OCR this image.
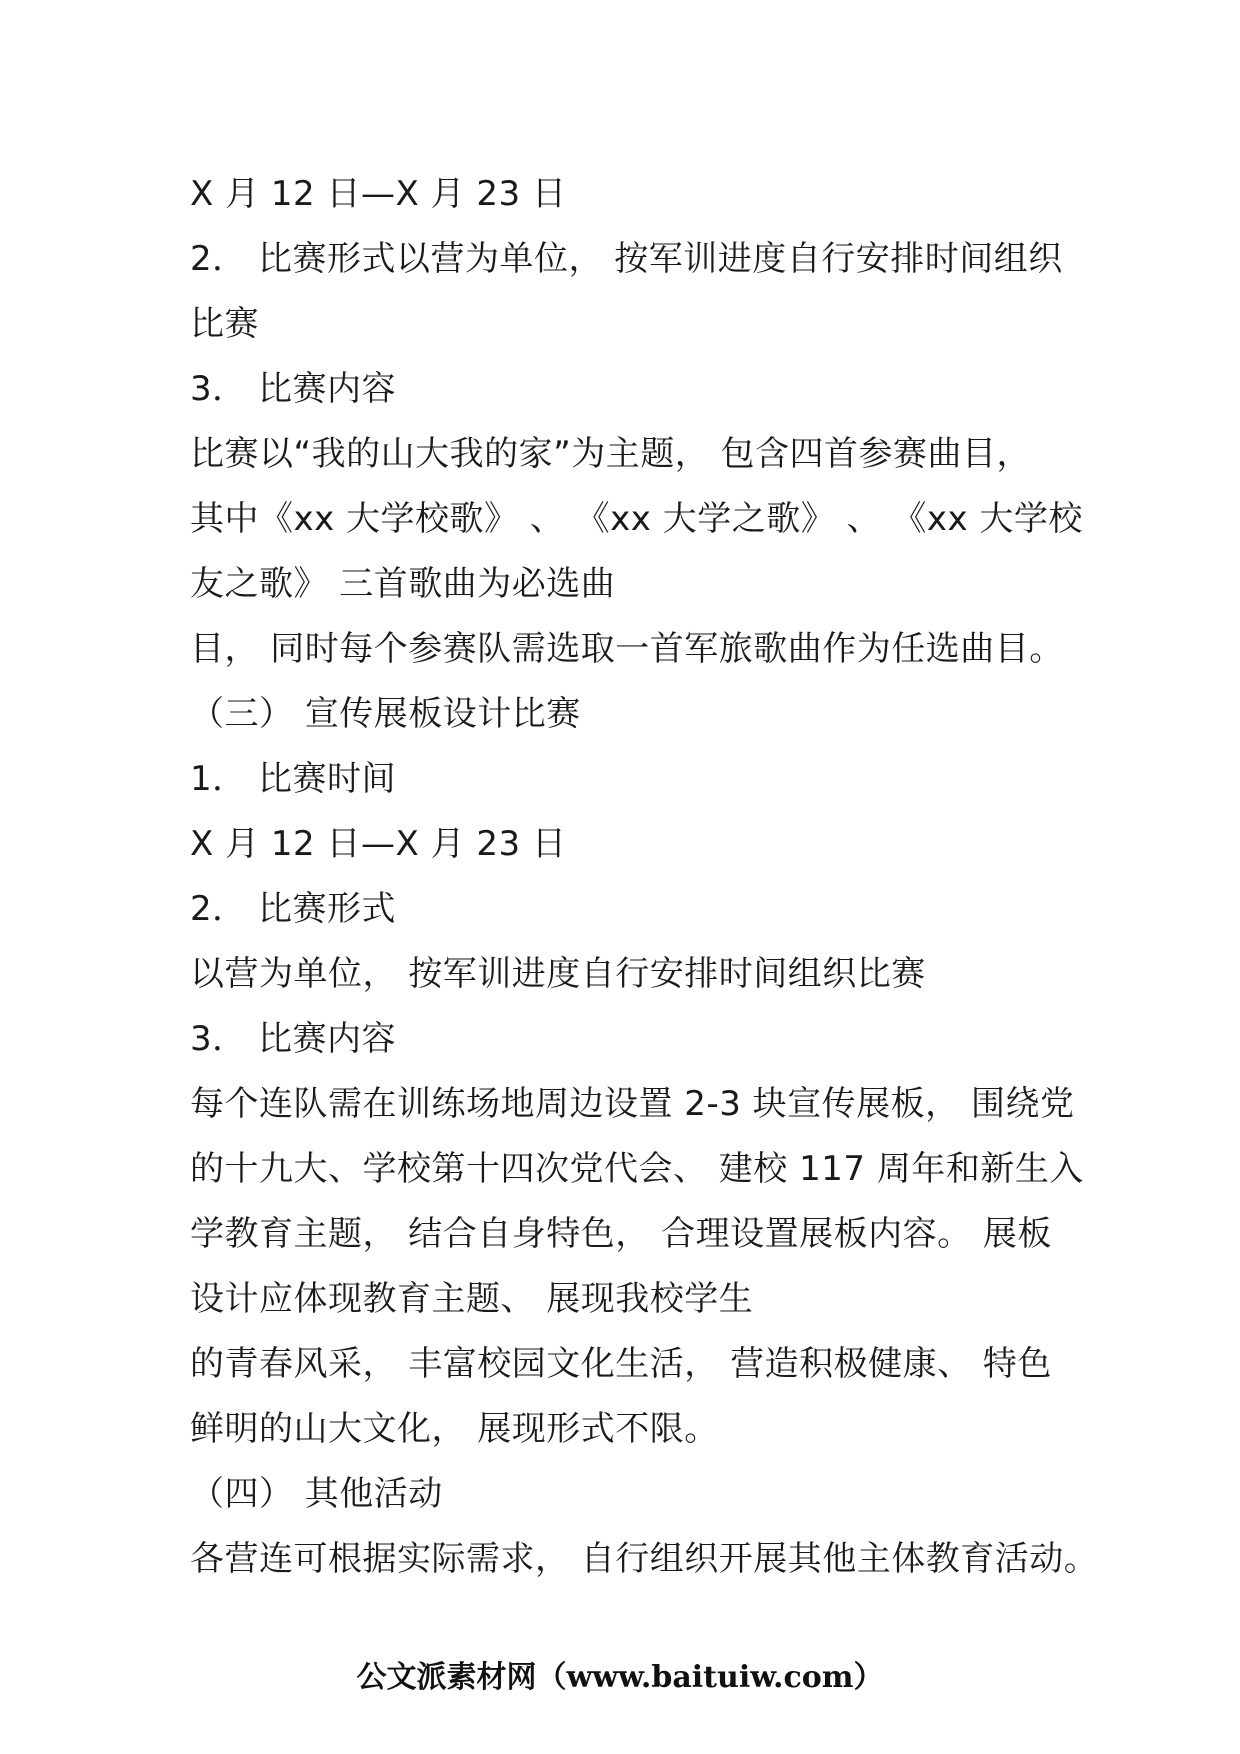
X 月 12 日—X 月 23 日
2． 比赛形式以营为单位， 按军训进度自行安排时间组织
比赛
3． 比赛内容
比赛以“我的山大我的家”为主题， 包含四首参赛曲目，
其中《xx 大学校歌》 、 《xx 大学之歌》 、 《xx 大学校
友之歌》 三首歌曲为必选曲
目， 同时每个参赛队需选取一首军旅歌曲作为任选曲目。
（三） 宣传展板设计比赛
1． 比赛时间
X 月 12 日—X 月 23 日
2． 比赛形式
以营为单位， 按军训进度自行安排时间组织比赛
3． 比赛内容
每个连队需在训练场地周边设置 2-3 块宣传展板， 围绕党
的十九大、学校第十四次党代会、 建校 117 周年和新生入
学教育主题， 结合自身特色， 合理设置展板内容。 展板
设计应体现教育主题、 展现我校学生
的青春风采， 丰富校园文化生活， 营造积极健康、 特色
鲜明的山大文化， 展现形式不限。
（四） 其他活动
各营连可根据实际需求， 自行组织开展其他主体教育活动。
公文派素材网（www.baituiw.com）
